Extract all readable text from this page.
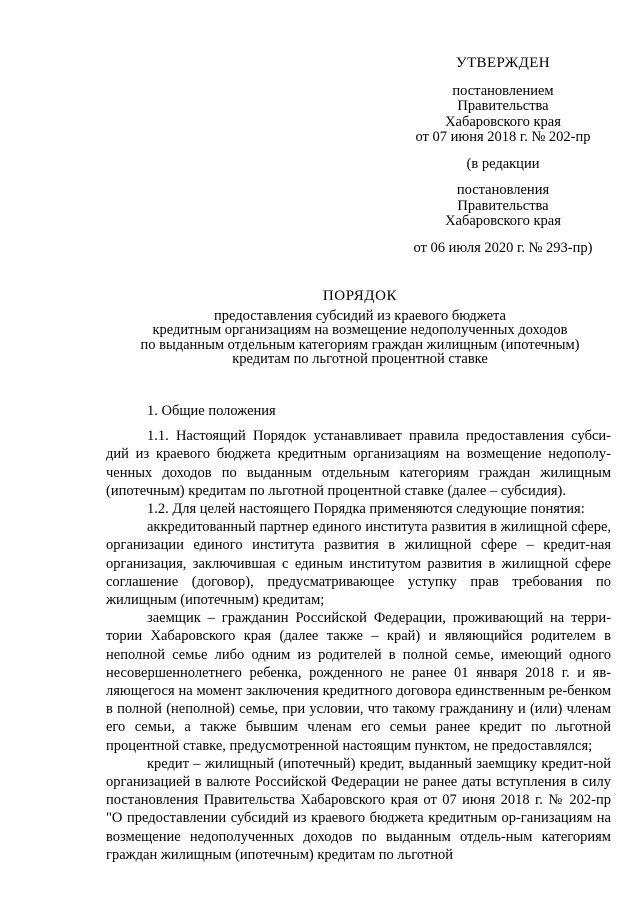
УТВЕРЖДЕН
постановлением
Правительства
Хабаровского края
от 07 июня 2018 г. № 202-пр
(в редакции
постановления
Правительства
Хабаровского края
от 06 июля 2020 г. № 293-пр)
ПОРЯДОК
предоставления субсидий из краевого бюджета
кредитным организациям на возмещение недополученных доходов
по выданным отдельным категориям граждан жилищным (ипотечным)
кредитам по льготной процентной ставке
1. Общие положения

1.1. Настоящий Порядок устанавливает правила предоставления субси-дий из краевого бюджета кредитным организациям на возмещение недополу-ченных доходов по выданным отдельным категориям граждан жилищным (ипотечным) кредитам по льготной процентной ставке (далее – субсидия).

1.2. Для целей настоящего Порядка применяются следующие понятия:

аккредитованный партнер единого института развития в жилищной сфере, организации единого института развития в жилищной сфере – кредит-ная организация, заключившая с единым институтом развития в жилищной сфере соглашение (договор), предусматривающее уступку прав требования по жилищным (ипотечным) кредитам;

заемщик – гражданин Российской Федерации, проживающий на терри-тории Хабаровского края (далее также – край) и являющийся родителем в неполной семье либо одним из родителей в полной семье, имеющий одного несовершеннолетнего ребенка, рожденного не ранее 01 января 2018 г. и яв-ляющегося на момент заключения кредитного договора единственным ре-бенком в полной (неполной) семье, при условии, что такому гражданину и (или) членам его семьи, а также бывшим членам его семьи ранее кредит по льготной процентной ставке, предусмотренной настоящим пунктом, не предоставлялся;

кредит – жилищный (ипотечный) кредит, выданный заемщику кредит-ной организацией в валюте Российской Федерации не ранее даты вступления в силу постановления Правительства Хабаровского края от 07 июня 2018 г. № 202-пр "О предоставлении субсидий из краевого бюджета кредитным ор-ганизациям на возмещение недополученных доходов по выданным отдель-ным категориям граждан жилищным (ипотечным) кредитам по льготной
